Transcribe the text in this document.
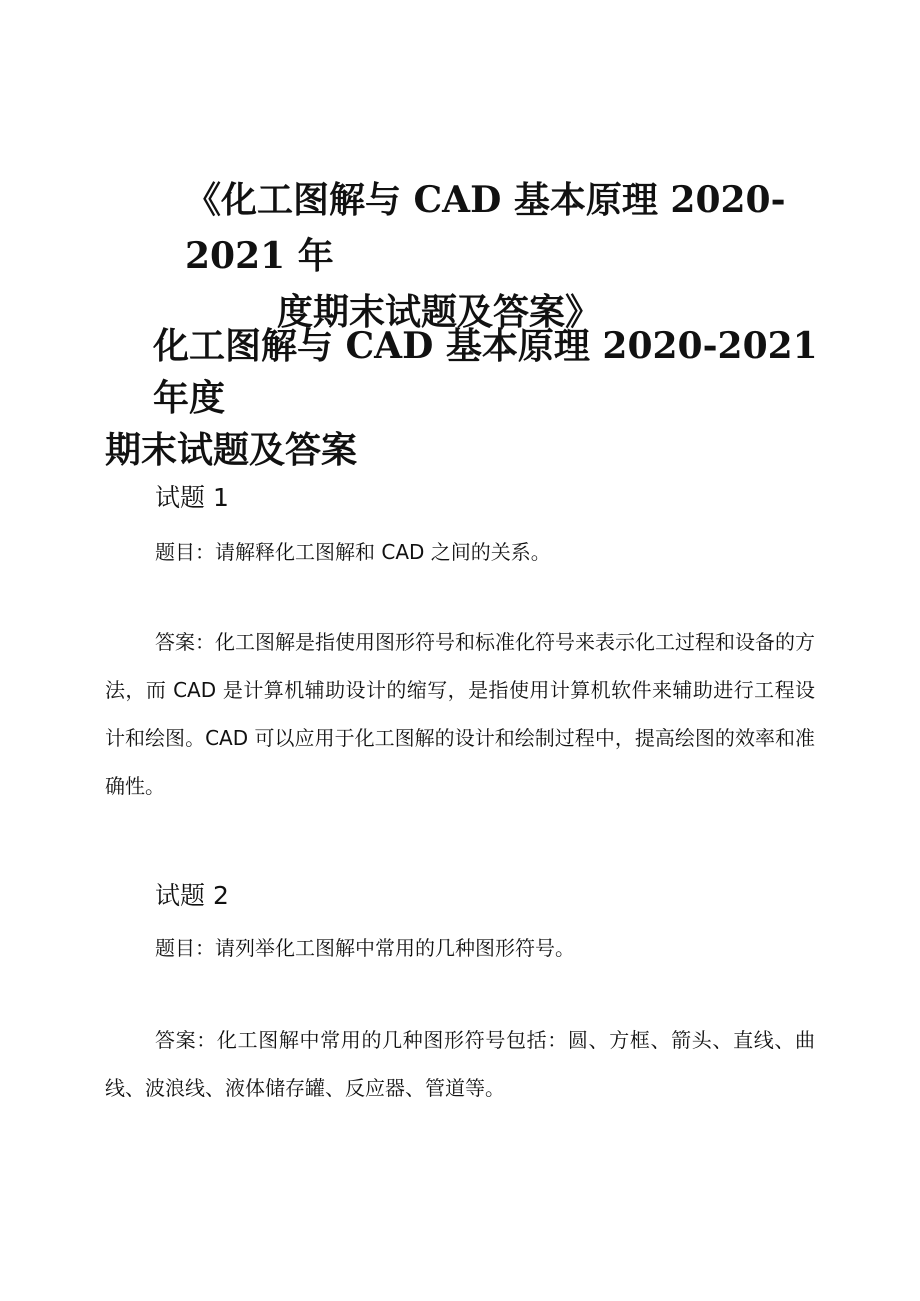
《化工图解与 CAD 基本原理 2020-2021 年
度期末试题及答案》
化工图解与 CAD 基本原理 2020-2021 年度
期末试题及答案
试题 1

题目：请解释化工图解和 CAD 之间的关系。

答案：化工图解是指使用图形符号和标准化符号来表示化工过程和设备的方法，而 CAD 是计算机辅助设计的缩写，是指使用计算机软件来辅助进行工程设计和绘图。CAD 可以应用于化工图解的设计和绘制过程中，提高绘图的效率和准确性。

试题 2

题目：请列举化工图解中常用的几种图形符号。

答案：化工图解中常用的几种图形符号包括：圆、方框、箭头、直线、曲线、波浪线、液体储存罐、反应器、管道等。
